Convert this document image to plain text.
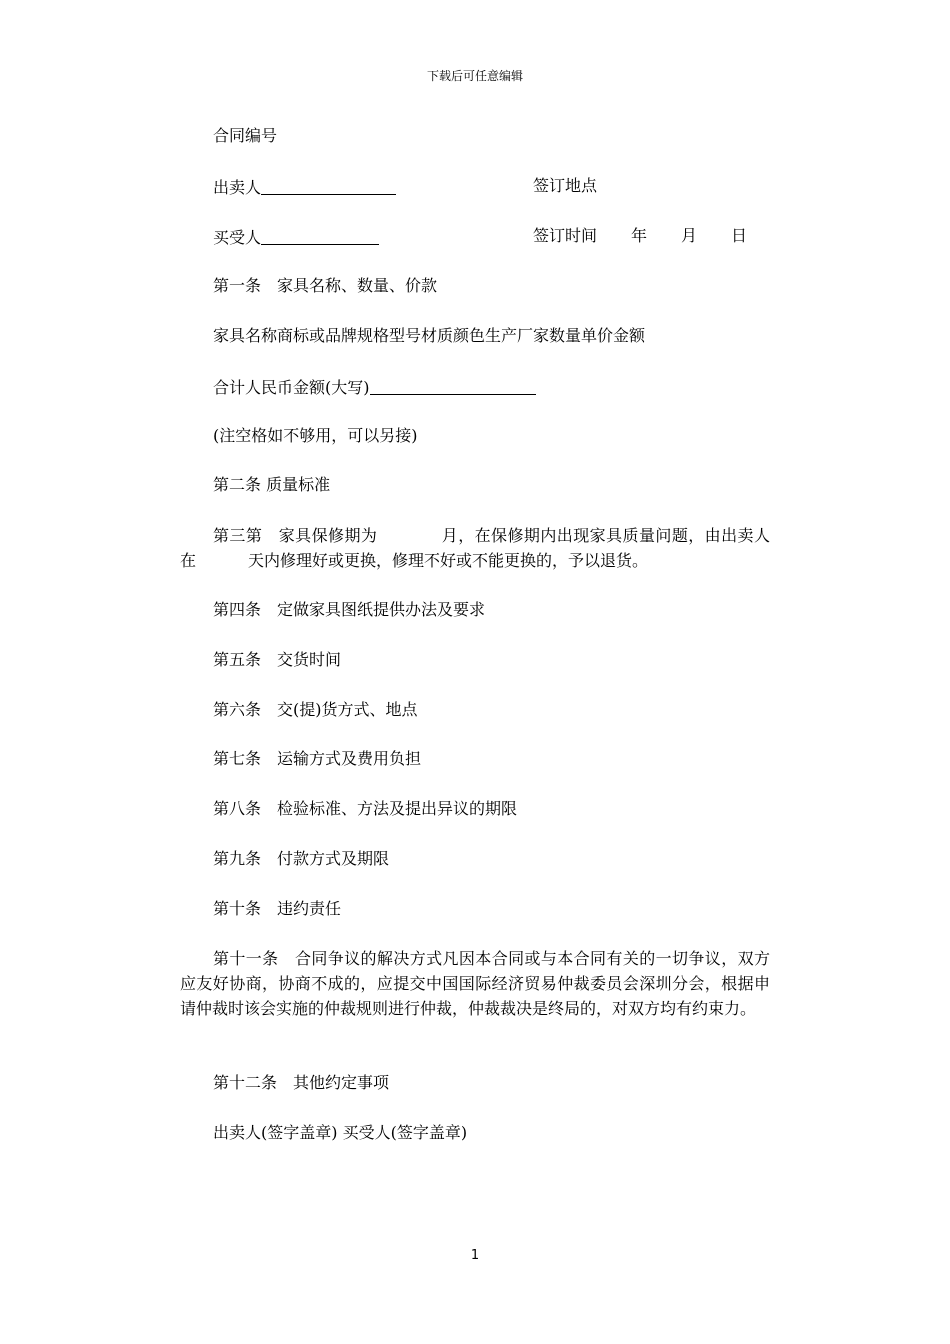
下载后可任意编辑
合同编号
出卖人	签订地点
买受人	签订时间 年 月 日
第一条　家具名称、数量、价款
家具名称商标或品牌规格型号材质颜色生产厂家数量单价金额
合计人民币金额(大写)
(注空格如不够用，可以另接)
第二条 质量标准
第三第　家具保修期为	月，在保修期内出现家具质量问题，由出卖人在	天内修理好或更换，修理不好或不能更换的，予以退货。
第四条　定做家具图纸提供办法及要求
第五条　交货时间
第六条　交(提)货方式、地点
第七条　运输方式及费用负担
第八条　检验标准、方法及提出异议的期限
第九条　付款方式及期限
第十条　违约责任
第十一条　合同争议的解决方式凡因本合同或与本合同有关的一切争议，双方应友好协商，协商不成的，应提交中国国际经济贸易仲裁委员会深圳分会，根据申请仲裁时该会实施的仲裁规则进行仲裁，仲裁裁决是终局的，对双方均有约束力。
第十二条　其他约定事项
出卖人(签字盖章) 买受人(签字盖章)
1
